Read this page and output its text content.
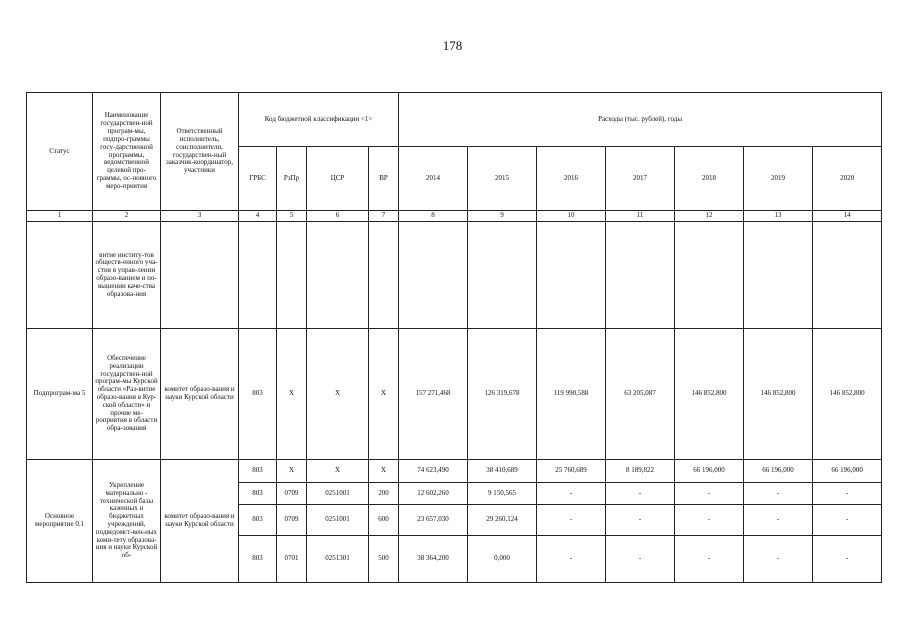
178
Статус	Наименование государствен-ной програм-мы, подпро-граммы госу-дарственной программы, ведомственной целевой про-граммы, ос-новного меро-приятия	Ответственный исполнитель, соисполнители, государствен-ный заказчик-координатор, участники	Код бюджетной классификации <1>				Расходы (тыс. рублей), годы						
			ГРБС	РзПр	ЦСР	ВР	2014	2015	2016	2017	2018	2019	2020
1	2	3	4	5	6	7	8	9	10	11	12	13	14
	витие институ-тов обществ-енного уча-стия в управ-лении образо-ванием и по-вышении каче-ства образова-ния												
Подпрограм-ма 5	Обеспечение реализации государствен-ной програм-мы Курской области «Раз-витие образо-вания в Кур-ской области» и прочие ме-роприятия в области обра-зования	комитет образо-вания и науки Курской области	803	Х	Х	Х	157 271,468	126 319,678	119 990,588	63 205,087	146 852,800	146 852,800	146 852,800
Основное мероприятие 0.1	Укрепление материально - технической базы казенных и бюджетных учреждений, подведомст-вен-ных коми-тету образова-ния и науки Курской об-	комитет образо-вания и науки Курской области	803	Х	Х	Х	74 623,490	38 410,689	25 760,689	8 189,822	66 196,000	66 196,000	66 196,000
			803	0709	0251001	200	12 602,260	9 150,565	-	-	-	-	-
			803	0709	0251001	600	23 657,030	29 260,124	-	-	-	-	-
			803	0701	0251301	500	38 364,200	0,000	-	-	-	-	-
